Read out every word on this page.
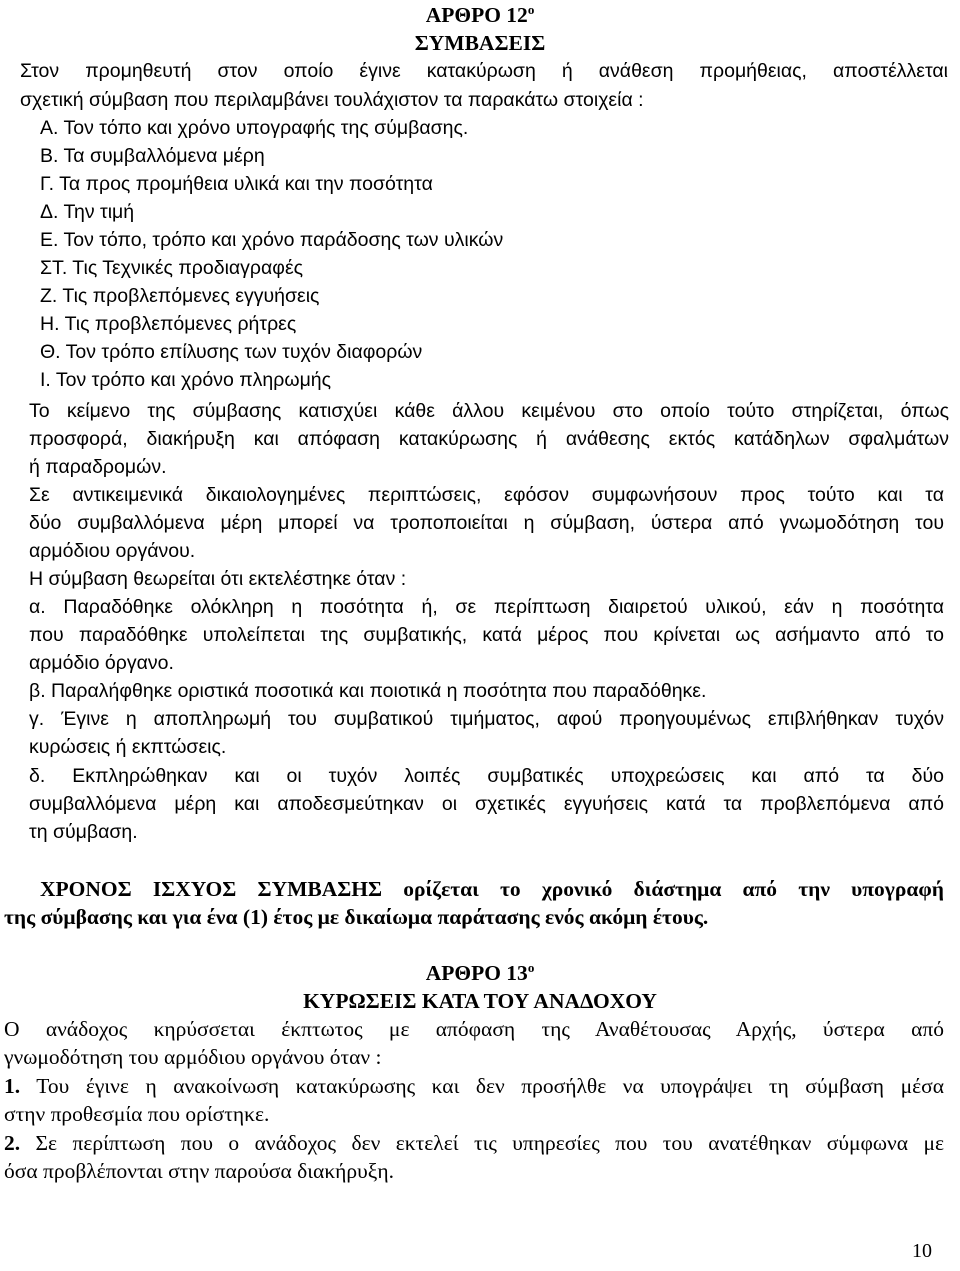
ΑΡΘΡΟ $12^o$
ΣΥΜΒΑΣΕΙΣ
Στον προμηθευτή στον οποίο έγινε κατακύρωση ή ανάθεση προμήθειας, αποστέλλεται
σχετική σύμβαση που περιλαμβάνει τουλάχιστον τα παρακάτω στοιχεία :
Α. Τον τόπο και χρόνο υπογραφής της σύμβασης.
Β. Τα συμβαλλόμενα μέρη
Γ. Τα προς προμήθεια υλικά και την ποσότητα
Δ. Την τιμή
Ε. Τον τόπο, τρόπο και χρόνο παράδοσης των υλικών
ΣΤ. Τις Τεχνικές προδιαγραφές
Ζ. Τις προβλεπόμενες εγγυήσεις
Η. Τις προβλεπόμενες ρήτρες
Θ. Τον τρόπο επίλυσης των τυχόν διαφορών
Ι. Τον τρόπο και χρόνο πληρωμής
Το κείμενο της σύμβασης κατισχύει κάθε άλλου κειμένου στο οποίο τούτο στηρίζεται, όπως
προσφορά, διακήρυξη και απόφαση κατακύρωσης ή ανάθεσης εκτός κατάδηλων σφαλμάτων
ή παραδρομών.
Σε αντικειμενικά δικαιολογημένες περιπτώσεις, εφόσον συμφωνήσουν προς τούτο και τα
δύο συμβαλλόμενα μέρη μπορεί να τροποποιείται η σύμβαση, ύστερα από γνωμοδότηση του
αρμόδιου οργάνου.
Η σύμβαση θεωρείται ότι εκτελέστηκε όταν :
α. Παραδόθηκε ολόκληρη η ποσότητα ή, σε περίπτωση διαιρετού υλικού, εάν η ποσότητα
που παραδόθηκε υπολείπεται της συμβατικής, κατά μέρος που κρίνεται ως ασήμαντο από το
αρμόδιο όργανο.
β. Παραλήφθηκε οριστικά ποσοτικά και ποιοτικά η ποσότητα που παραδόθηκε.
γ. Έγινε η αποπληρωμή του συμβατικού τιμήματος, αφού προηγουμένως επιβλήθηκαν τυχόν
κυρώσεις ή εκπτώσεις.
δ. Εκπληρώθηκαν και οι τυχόν λοιπές συμβατικές υποχρεώσεις και από τα δύο
συμβαλλόμενα μέρη και αποδεσμεύτηκαν οι σχετικές εγγυήσεις κατά τα προβλεπόμενα από
τη σύμβαση.
ΧΡΟΝΟΣ ΙΣΧΥΟΣ ΣΥΜΒΑΣΗΣ ορίζεται το χρονικό διάστημα από την υπογραφή
της σύμβασης και για ένα (1) έτος με δικαίωμα παράτασης ενός ακόμη έτους.
ΑΡΘΡΟ $13^o$
ΚΥΡΩΣΕΙΣ ΚΑΤΑ ΤΟΥ ΑΝΑΔΟΧΟΥ
Ο ανάδοχος κηρύσσεται έκπτωτος με απόφαση της Αναθέτουσας Αρχής, ύστερα από
γνωμοδότηση του αρμόδιου οργάνου όταν :
1. Του έγινε η ανακοίνωση κατακύρωσης και δεν προσήλθε να υπογράψει τη σύμβαση μέσα
στην προθεσμία που ορίστηκε.
2. Σε περίπτωση που ο ανάδοχος δεν εκτελεί τις υπηρεσίες που του ανατέθηκαν σύμφωνα με
όσα προβλέπονται στην παρούσα διακήρυξη.
10
